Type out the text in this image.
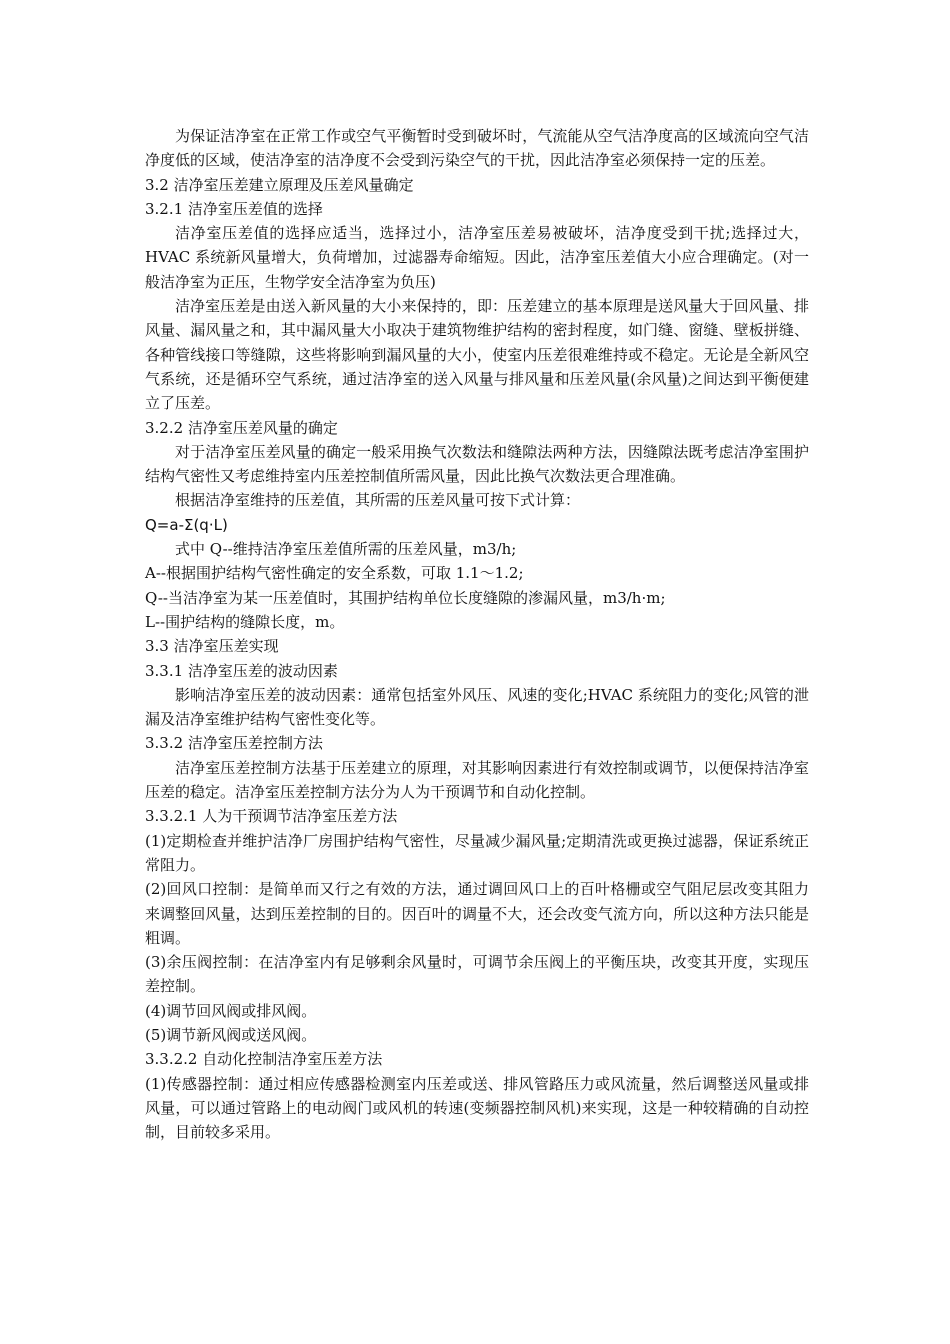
为保证洁净室在正常工作或空气平衡暂时受到破坏时，气流能从空气洁净度高的区域流向空气洁净度低的区域，使洁净室的洁净度不会受到污染空气的干扰，因此洁净室必须保持一定的压差。

3.2 洁净室压差建立原理及压差风量确定

3.2.1 洁净室压差值的选择

洁净室压差值的选择应适当，选择过小，洁净室压差易被破坏，洁净度受到干扰;选择过大，HVAC 系统新风量增大，负荷增加，过滤器寿命缩短。因此，洁净室压差值大小应合理确定。(对一般洁净室为正压，生物学安全洁净室为负压)

洁净室压差是由送入新风量的大小来保持的，即：压差建立的基本原理是送风量大于回风量、排风量、漏风量之和，其中漏风量大小取决于建筑物维护结构的密封程度，如门缝、窗缝、壁板拼缝、各种管线接口等缝隙，这些将影响到漏风量的大小，使室内压差很难维持或不稳定。无论是全新风空气系统，还是循环空气系统，通过洁净室的送入风量与排风量和压差风量(余风量)之间达到平衡便建立了压差。

3.2.2 洁净室压差风量的确定

对于洁净室压差风量的确定一般采用换气次数法和缝隙法两种方法，因缝隙法既考虑洁净室围护结构气密性又考虑维持室内压差控制值所需风量，因此比换气次数法更合理准确。

根据洁净室维持的压差值，其所需的压差风量可按下式计算：

Q=a-Σ(q·L)

式中 Q--维持洁净室压差值所需的压差风量，m3/h;

A--根据围护结构气密性确定的安全系数，可取 1.1～1.2;

Q--当洁净室为某一压差值时，其围护结构单位长度缝隙的渗漏风量，m3/h·m;

L--围护结构的缝隙长度，m。

3.3 洁净室压差实现

3.3.1 洁净室压差的波动因素

影响洁净室压差的波动因素：通常包括室外风压、风速的变化;HVAC 系统阻力的变化;风管的泄漏及洁净室维护结构气密性变化等。

3.3.2 洁净室压差控制方法

洁净室压差控制方法基于压差建立的原理，对其影响因素进行有效控制或调节，以便保持洁净室压差的稳定。洁净室压差控制方法分为人为干预调节和自动化控制。

3.3.2.1 人为干预调节洁净室压差方法

(1)定期检查并维护洁净厂房围护结构气密性，尽量减少漏风量;定期清洗或更换过滤器，保证系统正常阻力。

(2)回风口控制：是简单而又行之有效的方法，通过调回风口上的百叶格栅或空气阻尼层改变其阻力来调整回风量，达到压差控制的目的。因百叶的调量不大，还会改变气流方向，所以这种方法只能是粗调。

(3)余压阀控制：在洁净室内有足够剩余风量时，可调节余压阀上的平衡压块，改变其开度，实现压差控制。

(4)调节回风阀或排风阀。

(5)调节新风阀或送风阀。

3.3.2.2 自动化控制洁净室压差方法

(1)传感器控制：通过相应传感器检测室内压差或送、排风管路压力或风流量，然后调整送风量或排风量，可以通过管路上的电动阀门或风机的转速(变频器控制风机)来实现，这是一种较精确的自动控制，目前较多采用。
